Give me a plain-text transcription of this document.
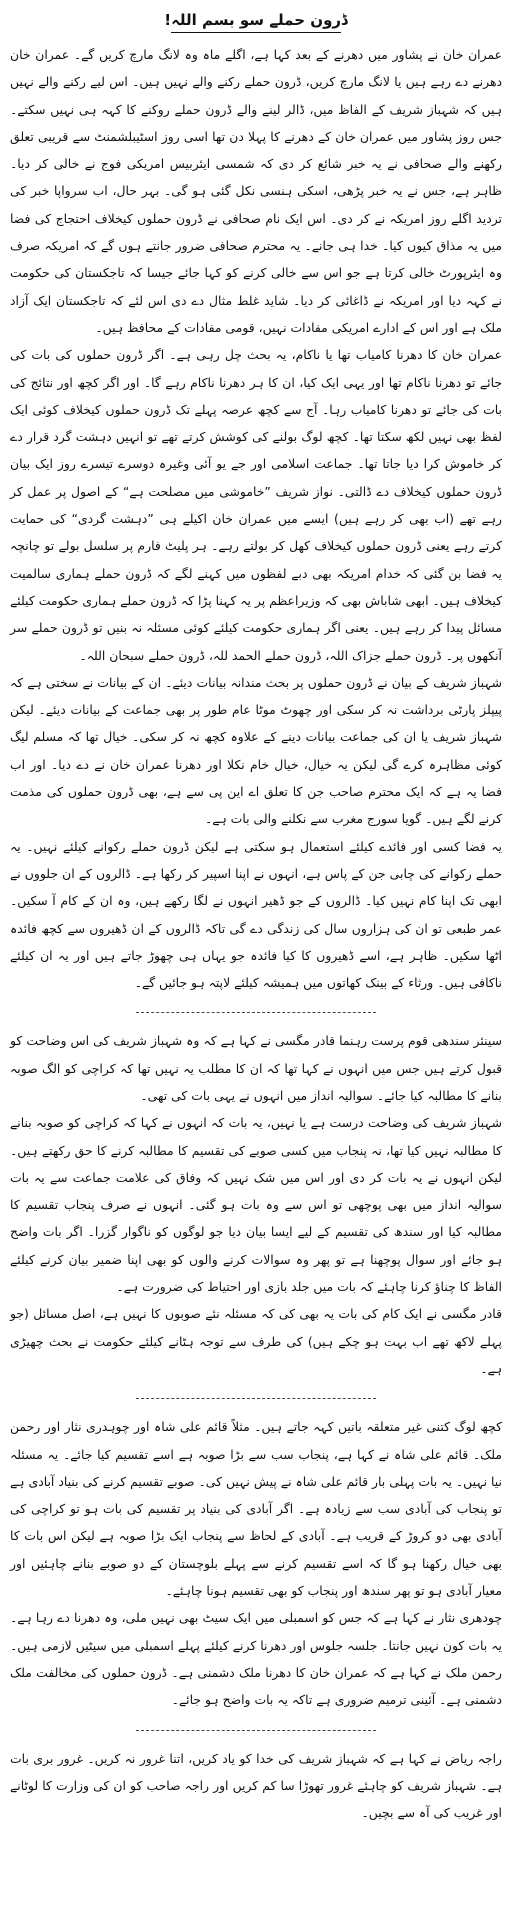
ڈرون حملے سو بسم اللہ!

عمران خان نے پشاور میں دھرنے کے بعد کہا ہے، اگلے ماہ وہ لانگ مارچ کریں گے۔ عمران خان دھرنے دے رہے ہیں یا لانگ مارچ کریں، ڈرون حملے رکنے والے نہیں ہیں۔ اس لیے رکنے والے نہیں ہیں کہ شہباز شریف کے الفاظ میں، ڈالر لینے والے ڈرون حملے روکنے کا کہہ ہی نہیں سکتے۔ جس روز پشاور میں عمران خان کے دھرنے کا پہلا دن تھا اسی روز اسٹیبلشمنٹ سے قریبی تعلق رکھنے والے صحافی نے یہ خبر شائع کر دی کہ شمسی ایئربیس امریکی فوج نے خالی کر دیا۔ ظاہر ہے، جس نے یہ خبر پڑھی، اسکی ہنسی نکل گئی ہو گی۔ بہر حال، اب سرواپا خبر کی تردید اگلے روز امریکہ نے کر دی۔ اس ایک نام صحافی نے ڈرون حملوں کیخلاف احتجاج کی فضا میں یہ مذاق کیوں کیا۔ خدا ہی جانے۔ یہ محترم صحافی ضرور جانتے ہوں گے کہ امریکہ صرف وہ ایئرپورٹ خالی کرتا ہے جو اس سے خالی کرنے کو کہا جائے جیسا کہ تاجکستان کی حکومت نے کہہ دیا اور امریکہ نے ڈاغائی کر دیا۔ شاید غلط مثال دے دی اس لئے کہ تاجکستان ایک آزاد ملک ہے اور اس کے ادارے امریکی مفادات نہیں، قومی مفادات کے محافظ ہیں۔

عمران خان کا دھرنا کامیاب تھا یا ناکام، یہ بحث چل رہی ہے۔ اگر ڈرون حملوں کی بات کی جائے تو دھرنا ناکام تھا اور یہی ایک کیا، ان کا ہر دھرنا ناکام رہے گا۔ اور اگر کچھ اور نتائج کی بات کی جائے تو دھرنا کامیاب رہا۔ آج سے کچھ عرصہ پہلے تک ڈرون حملوں کیخلاف کوئی ایک لفظ بھی نہیں لکھ سکتا تھا۔ کچھ لوگ بولنے کی کوشش کرتے تھے تو انہیں دہشت گرد قرار دے کر خاموش کرا دیا جاتا تھا۔ جماعت اسلامی اور جے یو آئی وغیرہ دوسرے تیسرے روز ایک بیان ڈرون حملوں کیخلاف دے ڈالتی۔ نواز شریف ”خاموشی میں مصلحت ہے“ کے اصول پر عمل کر رہے تھے (اب بھی کر رہے ہیں) ایسے میں عمران خان اکیلے ہی ”دہشت گردی“ کی حمایت کرتے رہے یعنی ڈرون حملوں کیخلاف کھل کر بولتے رہے۔ ہر پلیٹ فارم پر سلسل بولے تو چانچہ یہ فضا بن گئی کہ خدام امریکہ بھی دبے لفظوں میں کہنے لگے کہ ڈرون حملے ہماری سالمیت کیخلاف ہیں۔ ابھی شاباش بھی کہ وزیراعظم پر یہ کہنا پڑا کہ ڈرون حملے ہماری حکومت کیلئے مسائل پیدا کر رہے ہیں۔ یعنی اگر ہماری حکومت کیلئے کوئی مسئلہ نہ بنیں تو ڈرون حملے سر آنکھوں پر۔ ڈرون حملے جزاک اللہ، ڈرون حملے الحمد للہ، ڈرون حملے سبحان اللہ۔

شہباز شریف کے بیان نے ڈرون حملوں پر بحث مندانہ بیانات دیئے۔ ان کے بیانات نے سختی ہے کہ پیپلز پارٹی برداشت نہ کر سکی اور چھوٹ موٹا عام طور پر بھی جماعت کے بیانات دیئے۔ لیکن شہباز شریف یا ان کی جماعت بیانات دینے کے علاوہ کچھ نہ کر سکی۔ خیال تھا کہ مسلم لیگ کوئی مظاہرہ کرے گی لیکن یہ خیال، خیال خام نکلا اور دھرنا عمران خان نے دے دیا۔ اور اب فضا یہ ہے کہ ایک محترم صاحب جن کا تعلق اے این پی سے ہے، بھی ڈرون حملوں کی مذمت کرنے لگے ہیں۔ گویا سورج مغرب سے نکلنے والی بات ہے۔

یہ فضا کسی اور فائدے کیلئے استعمال ہو سکتی ہے لیکن ڈرون حملے رکوانے کیلئے نہیں۔ یہ حملے رکوانے کی چابی جن کے پاس ہے، انہوں نے اپنا اسپیر کر رکھا ہے۔ ڈالروں کے ان جلووں نے ابھی تک اپنا کام نہیں کیا۔ ڈالروں کے جو ڈھیر انہوں نے لگا رکھے ہیں، وہ ان کے کام آ سکیں۔ عمر طبعی تو ان کی ہزاروں سال کی زندگی دے گی تاکہ ڈالروں کے ان ڈھیروں سے کچھ فائدہ اٹھا سکیں۔ ظاہر ہے، اسے ڈھیروں کا کیا فائدہ جو یہاں ہی چھوڑ جاتے ہیں اور یہ ان کیلئے ناکافی ہیں۔ ورثاء کے بینک کھاتوں میں ہمیشہ کیلئے لاپتہ ہو جائیں گے۔

سینئر سندھی قوم پرست رہنما قادر مگسی نے کہا ہے کہ وہ شہباز شریف کی اس وضاحت کو قبول کرتے ہیں جس میں انہوں نے کہا تھا کہ ان کا مطلب یہ نہیں تھا کہ کراچی کو الگ صوبہ بنانے کا مطالبہ کیا جائے۔ سوالیہ انداز میں انہوں نے یہی بات کی تھی۔

شہباز شریف کی وضاحت درست ہے یا نہیں، یہ بات کہ انہوں نے کہا کہ کراچی کو صوبہ بنانے کا مطالبہ نہیں کیا تھا، نہ پنجاب میں کسی صوبے کی تقسیم کا مطالبہ کرنے کا حق رکھتے ہیں۔ لیکن انہوں نے یہ بات کر دی اور اس میں شک نہیں کہ وفاق کی علامت جماعت سے یہ بات سوالیہ انداز میں بھی پوچھی تو اس سے وہ بات ہو گئی۔ انہوں نے صرف پنجاب تقسیم کا مطالبہ کیا اور سندھ کی تقسیم کے لیے ایسا بیان دیا جو لوگوں کو ناگوار گزرا۔ اگر بات واضح ہو جائے اور سوال پوچھنا ہے تو پھر وہ سوالات کرنے والوں کو بھی اپنا ضمیر بیان کرنے کیلئے الفاظ کا چناؤ کرنا چاہئے کہ بات میں جلد بازی اور احتیاط کی ضرورت ہے۔

قادر مگسی نے ایک کام کی بات یہ بھی کی کہ مسئلہ نئے صوبوں کا نہیں ہے، اصل مسائل (جو پہلے لاکھ تھے اب بہت ہو چکے ہیں) کی طرف سے توجہ ہٹانے کیلئے حکومت نے بحث چھیڑی ہے۔

کچھ لوگ کتنی غیر متعلقہ باتیں کہہ جاتے ہیں۔ مثلاً قائم علی شاہ اور چوہدری نثار اور رحمن ملک۔ قائم علی شاہ نے کہا ہے، پنجاب سب سے بڑا صوبہ ہے اسے تقسیم کیا جائے۔ یہ مسئلہ نیا نہیں۔ یہ بات پہلی بار قائم علی شاہ نے پیش نہیں کی۔ صوبے تقسیم کرنے کی بنیاد آبادی ہے تو پنجاب کی آبادی سب سے زیادہ ہے۔ اگر آبادی کی بنیاد پر تقسیم کی بات ہو تو کراچی کی آبادی بھی دو کروڑ کے قریب ہے۔ آبادی کے لحاظ سے پنجاب ایک بڑا صوبہ ہے لیکن اس بات کا بھی خیال رکھنا ہو گا کہ اسے تقسیم کرنے سے پہلے بلوچستان کے دو صوبے بنانے چاہئیں اور معیار آبادی ہو تو پھر سندھ اور پنجاب کو بھی تقسیم ہونا چاہئے۔

چودھری نثار نے کہا ہے کہ جس کو اسمبلی میں ایک سیٹ بھی نہیں ملی، وہ دھرنا دے رہا ہے۔ یہ بات کون نہیں جانتا۔ جلسہ جلوس اور دھرنا کرنے کیلئے پہلے اسمبلی میں سیٹیں لازمی ہیں۔ رحمن ملک نے کہا ہے کہ عمران خان کا دھرنا ملک دشمنی ہے۔ ڈرون حملوں کی مخالفت ملک دشمنی ہے۔ آئینی ترمیم ضروری ہے تاکہ یہ بات واضح ہو جائے۔

راجہ ریاض نے کہا ہے کہ شہباز شریف کی خدا کو یاد کریں، اتنا غرور نہ کریں۔ غرور بری بات ہے۔ شہباز شریف کو چاہئے غرور تھوڑا سا کم کریں اور راجہ صاحب کو ان کی وزارت کا لوٹانے اور غریب کی آہ سے بچیں۔
